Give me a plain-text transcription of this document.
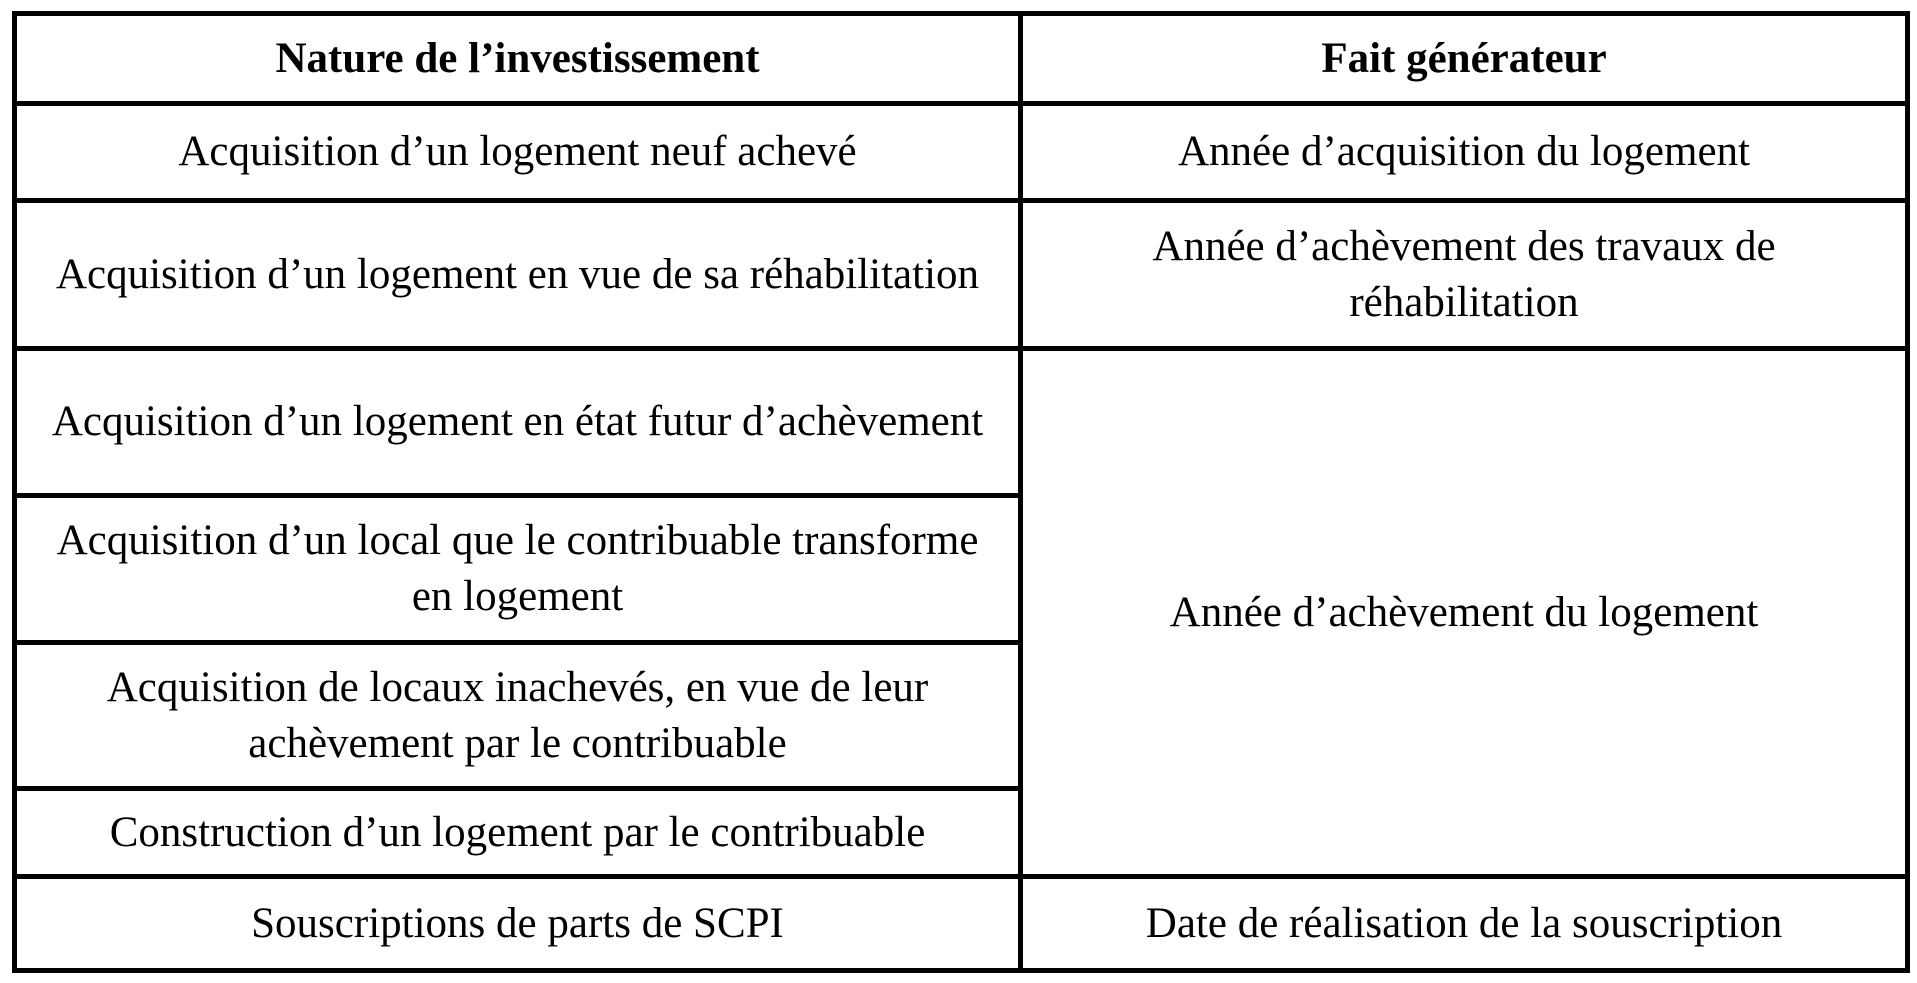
Nature de l’investissement	Fait générateur
Acquisition d’un logement neuf achevé	Année d’acquisition du logement
Acquisition d’un logement en vue de sa réhabilitation	Année d’achèvement des travaux de réhabilitation
Acquisition d’un logement en état futur d’achèvement	Année d’achèvement du logement
Acquisition d’un local que le contribuable transforme en logement	
Acquisition de locaux inachevés, en vue de leur achèvement par le contribuable	
Construction d’un logement par le contribuable	
Souscriptions de parts de SCPI	Date de réalisation de la souscription
